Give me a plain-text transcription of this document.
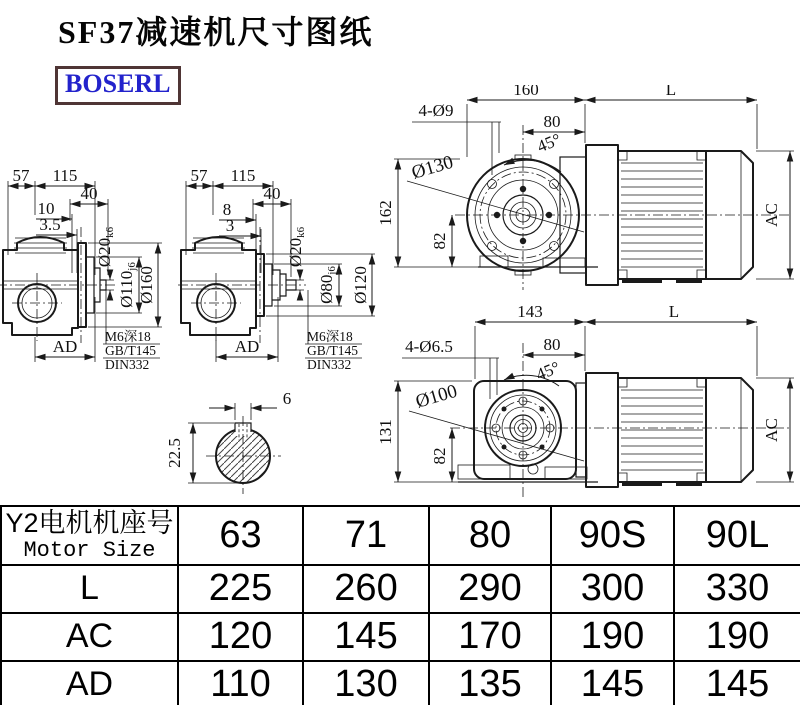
SF37减速机尺寸图纸
BOSERL
57 115
40
10
3.5
AD
Ø160
Ø110j6
Ø20k6
M6深18
GB/T145
DIN332
57 115
40
8
3
AD
Ø120
Ø80j6
Ø20k6
M6深18
GB/T145
DIN332
160	L
80
4-Ø9
45°
Ø130
162
82
AC
143	L
80
4-Ø6.5
45°
Ø100
131
82
AC
6
22.5
Y2电机机座号
Motor Size	63	71	80	90S	90L
L	225	260	290	300	330
AC	120	145	170	190	190
AD	110	130	135	145	145
